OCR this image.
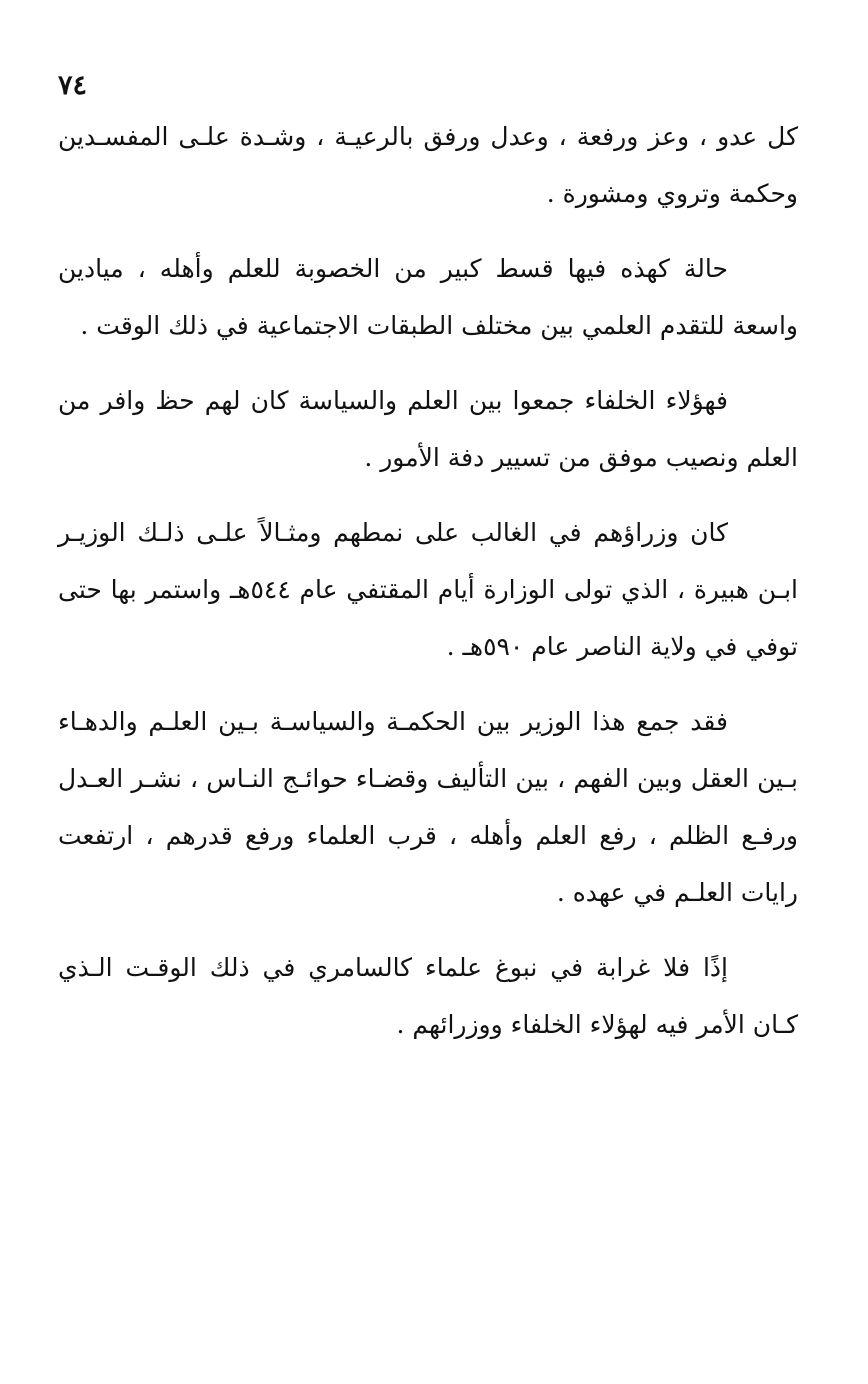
٧٤

كل عدو ، وعز ورفعة ، وعدل ورفق بالرعيـة ، وشـدة علـى المفسـدين وحكمة وتروي ومشورة .

حالة كهذه فيها قسط كبير من الخصوبة للعلم وأهله ، ميادين واسعة للتقدم العلمي بين مختلف الطبقات الاجتماعية في ذلك الوقت .

فهؤلاء الخلفاء جمعوا بين العلم والسياسة كان لهم حظ وافر من العلم ونصيب موفق من تسيير دفة الأمور .

كان وزراؤهم في الغالب على نمطهم ومثـالاً علـى ذلـك الوزيـر ابـن هبيرة ، الذي تولى الوزارة أيام المقتفي عام ٥٤٤هـ واستمر بها حتى توفي في ولاية الناصر عام ٥٩٠هـ .

فقد جمع هذا الوزير بين الحكمـة والسياسـة بـين العلـم والدهـاء بـين العقل وبين الفهم ، بين التأليف وقضـاء حوائـج النـاس ، نشـر العـدل ورفـع الظلم ، رفع العلم وأهله ، قرب العلماء ورفع قدرهم ، ارتفعت رايات العلـم في عهده .

إذًا فلا غرابة في نبوغ علماء كالسامري في ذلك الوقـت الـذي كـان الأمر فيه لهؤلاء الخلفاء ووزرائهم .
